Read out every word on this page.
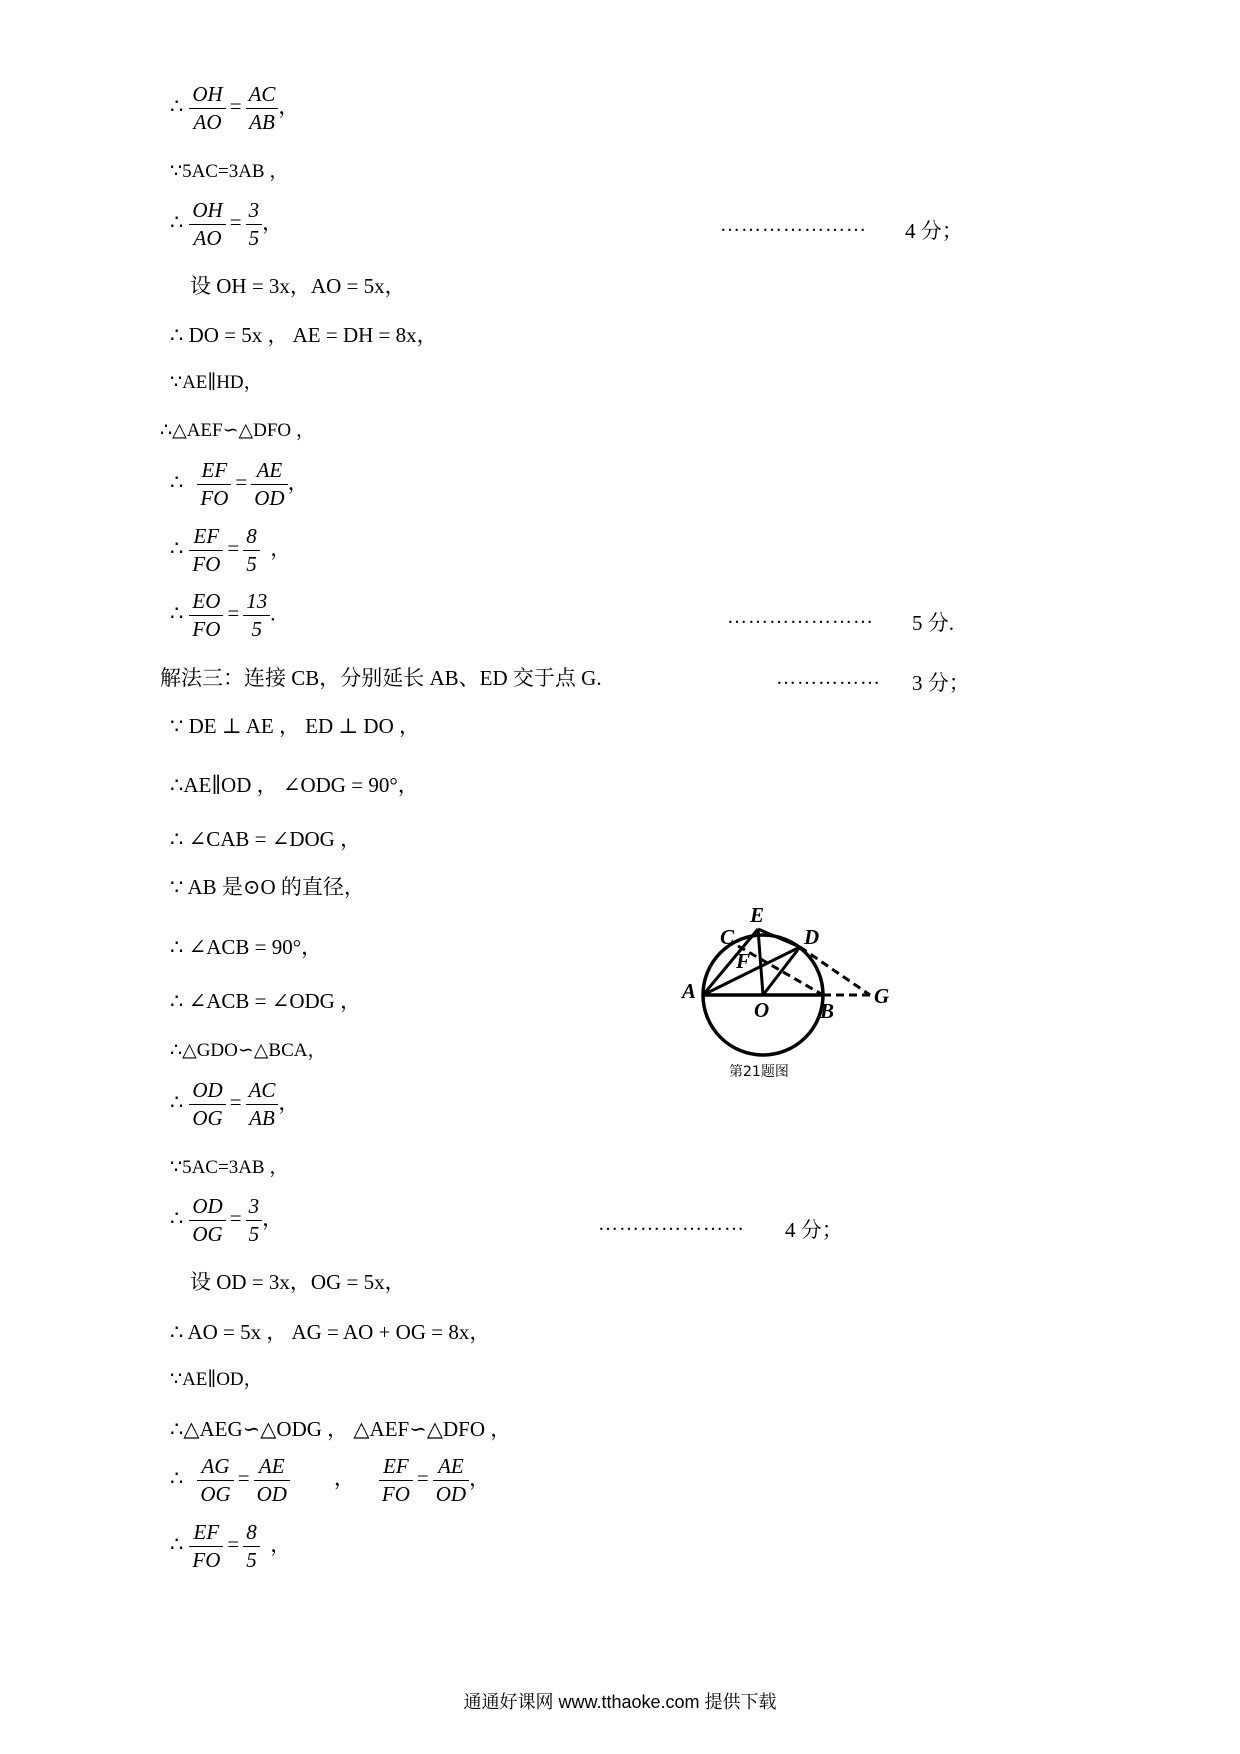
∴ $\frac{OH}{AO} = \frac{AC}{AB}$ ，
∵5AC=3AB ，
∴ $\frac{OH}{AO} = \frac{3}{5}$ ，	………………… 4 分；
设 OH = 3x，AO = 5x，
∴ DO = 5x ， AE = DH = 8x，
∵AE∥HD，
∴△AEF∽△DFO ，
∴ $\frac{EF}{FO} = \frac{AE}{OD}$ ，
∴ $\frac{EF}{FO} = \frac{8}{5}$ ，
∴ $\frac{EO}{FO} = \frac{13}{5}$ .	………………… 5 分.
解法三：连接 CB，分别延长 AB、ED 交于点 G.	…………… 3 分；
∵ DE ⊥ AE ， ED ⊥ DO ，
∴AE∥OD ， ∠ODG = 90°，
∴ ∠CAB = ∠DOG ，
∵ AB 是⊙O 的直径，
∴ ∠ACB = 90°，
∴ ∠ACB = ∠ODG ，
∴△GDO∽△BCA，
∴ $\frac{OD}{OG} = \frac{AC}{AB}$ ，
∵5AC=3AB ，
∴ $\frac{OD}{OG} = \frac{3}{5}$ ，	………………… 4 分；
设 OD = 3x，OG = 5x，
∴ AO = 5x ， AG = AO + OG = 8x，
∵AE∥OD，
∴△AEG∽△ODG ， △AEF∽△DFO ，
∴ $\frac{AG}{OG} = \frac{AE}{OD}$ ， $\frac{EF}{FO} = \frac{AE}{OD}$ ，
∴ $\frac{EF}{FO} = \frac{8}{5}$ ，
E
C	D
F
A
O B
G
第21题图
通通好课网 www.tthaoke.com 提供下载
